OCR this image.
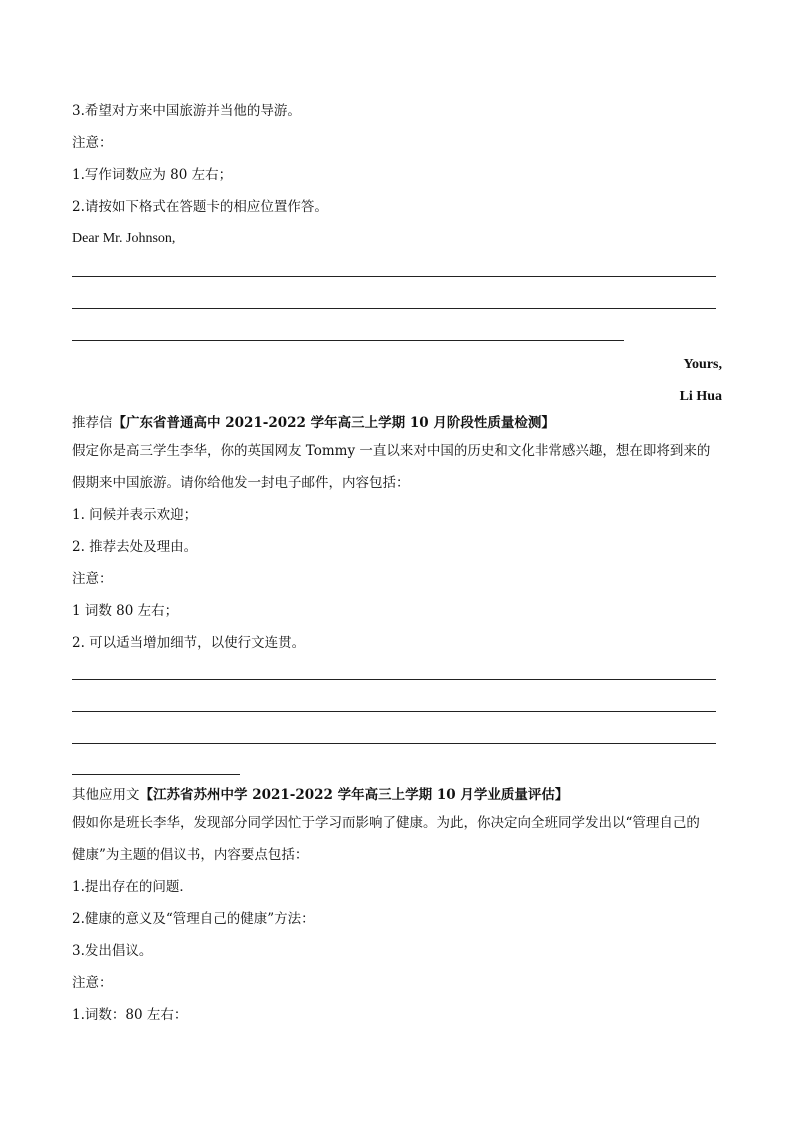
3.希望对方来中国旅游并当他的导游。
注意：
1.写作词数应为 80 左右；
2.请按如下格式在答题卡的相应位置作答。
Dear Mr. Johnson,
Yours,
Li Hua
推荐信【广东省普通高中 2021-2022 学年高三上学期 10 月阶段性质量检测】
假定你是高三学生李华，你的英国网友 Tommy 一直以来对中国的历史和文化非常感兴趣，想在即将到来的
假期来中国旅游。请你给他发一封电子邮件，内容包括：
1. 问候并表示欢迎；
2. 推荐去处及理由。
注意：
1 词数 80 左右；
2. 可以适当增加细节，以使行文连贯。
其他应用文【江苏省苏州中学 2021-2022 学年高三上学期 10 月学业质量评估】
假如你是班长李华，发现部分同学因忙于学习而影响了健康。为此，你决定向全班同学发出以“管理自己的
健康”为主题的倡议书，内容要点包括：
1.提出存在的问题．
2.健康的意义及“管理自己的健康”方法：
3.发出倡议。
注意：
1.词数：80 左右：
